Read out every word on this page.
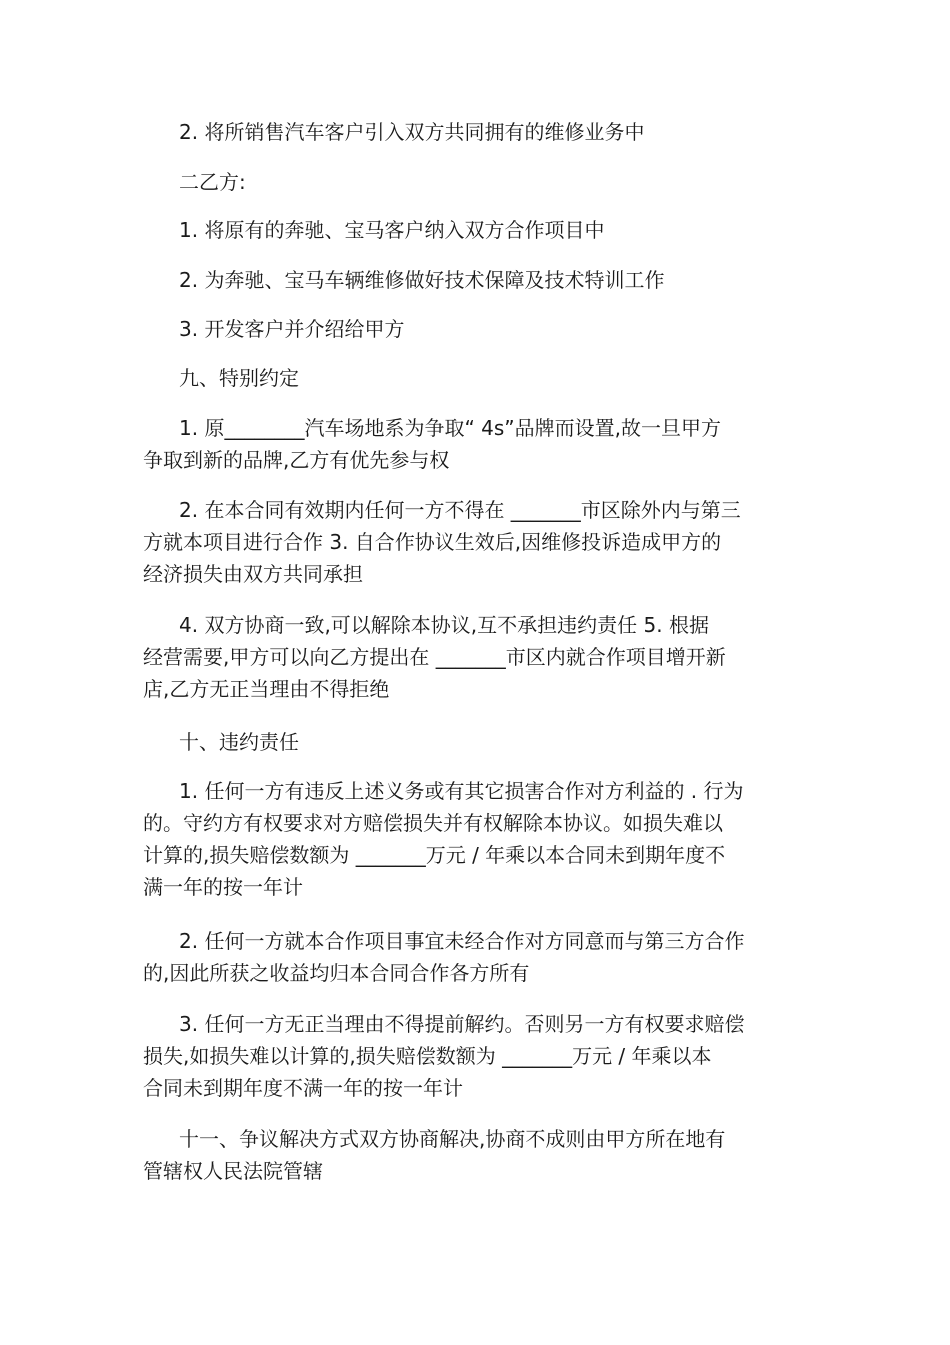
2. 将所销售汽车客户引入双方共同拥有的维修业务中

二乙方:

1. 将原有的奔驰、宝马客户纳入双方合作项目中

2. 为奔驰、宝马车辆维修做好技术保障及技术特训工作

3. 开发客户并介绍给甲方

九、特别约定

1. 原________汽车场地系为争取“ 4s”品牌而设置,故一旦甲方
争取到新的品牌,乙方有优先参与权

2. 在本合同有效期内任何一方不得在 _______市区除外内与第三
方就本项目进行合作 3. 自合作协议生效后,因维修投诉造成甲方的
经济损失由双方共同承担

4. 双方协商一致,可以解除本协议,互不承担违约责任 5. 根据
经营需要,甲方可以向乙方提出在 _______市区内就合作项目增开新
店,乙方无正当理由不得拒绝

十、违约责任

1. 任何一方有违反上述义务或有其它损害合作对方利益的 . 行为
的。守约方有权要求对方赔偿损失并有权解除本协议。如损失难以
计算的,损失赔偿数额为 _______万元 / 年乘以本合同未到期年度不
满一年的按一年计

2. 任何一方就本合作项目事宜未经合作对方同意而与第三方合作
的,因此所获之收益均归本合同合作各方所有

3. 任何一方无正当理由不得提前解约。否则另一方有权要求赔偿
损失,如损失难以计算的,损失赔偿数额为 _______万元 / 年乘以本
合同未到期年度不满一年的按一年计

十一、争议解决方式双方协商解决,协商不成则由甲方所在地有
管辖权人民法院管辖
